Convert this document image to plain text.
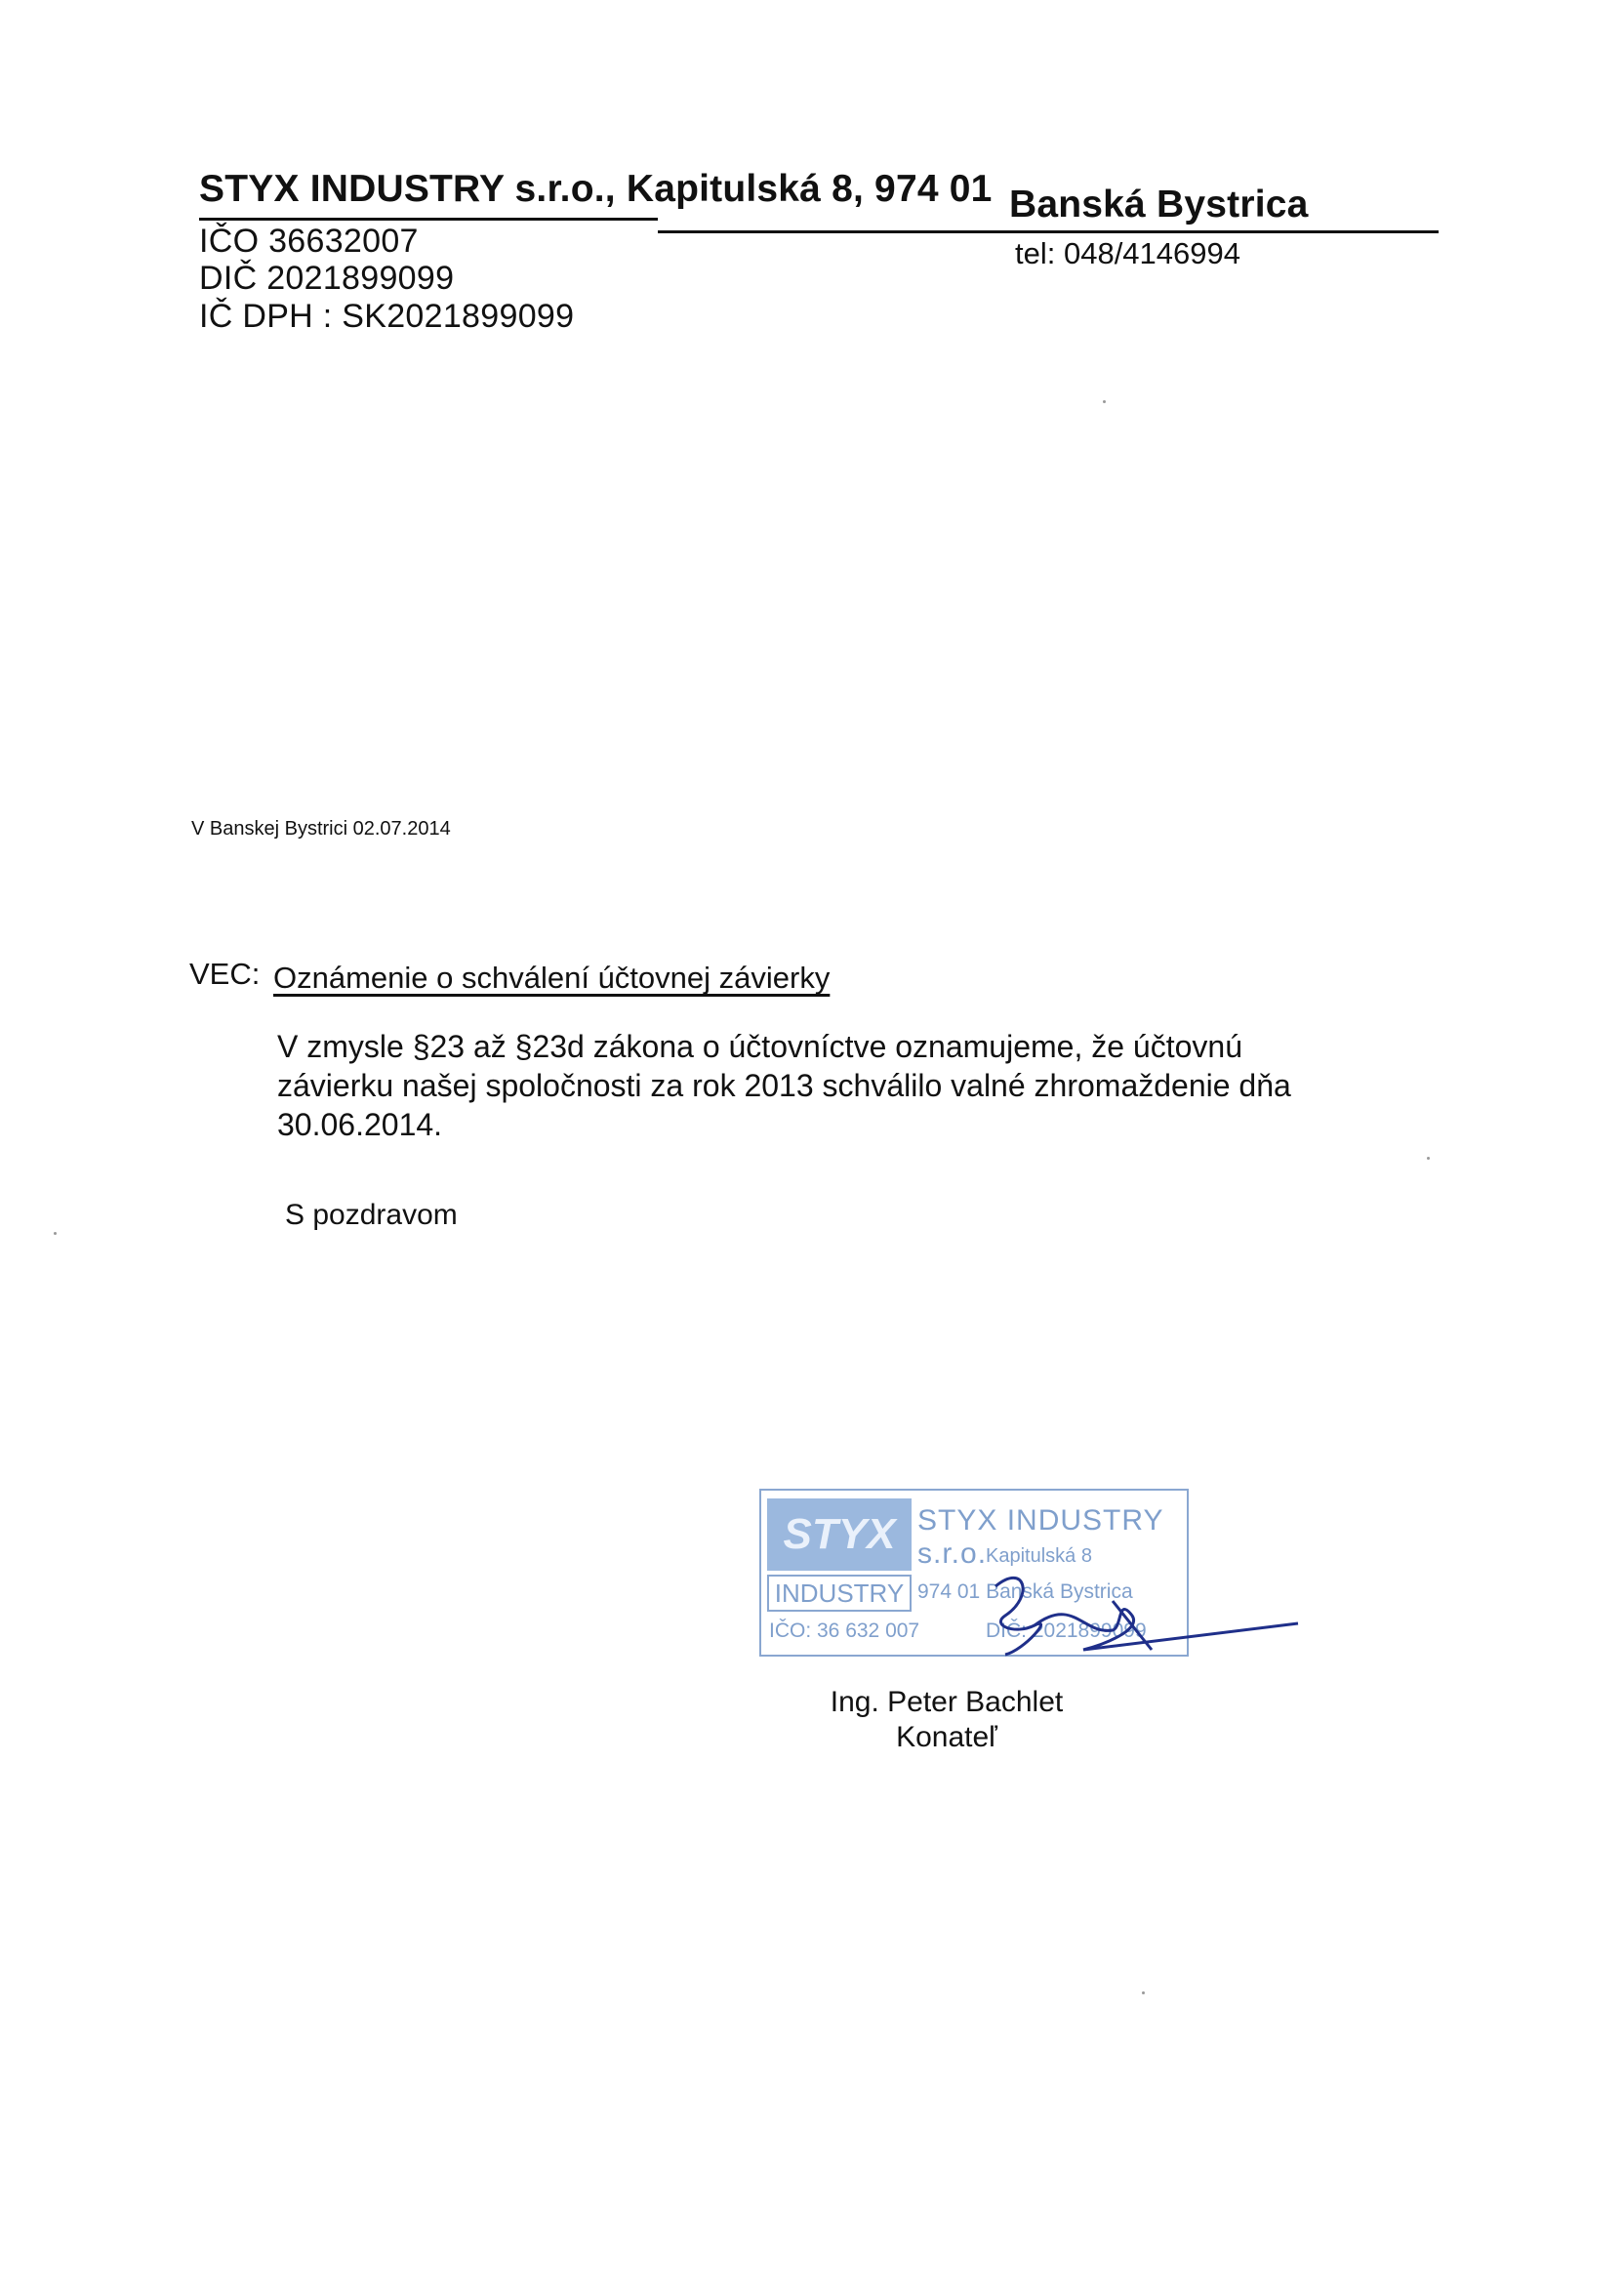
STYX INDUSTRY s.r.o., Kapitulská 8, 974 01 Banská Bystrica
IČO 36632007
DIČ 2021899099
IČ DPH : SK2021899099
tel: 048/4146994
V Banskej Bystrici 02.07.2014
VEC: Oznámenie o schválení účtovnej závierky
V zmysle §23 až §23d zákona o účtovníctve oznamujeme, že účtovnú závierku našej spoločnosti za rok 2013 schválilo valné zhromaždenie dňa 30.06.2014.
S pozdravom
STYX
INDUSTRY
STYX INDUSTRY s.r.o.
Kapitulská 8
974 01 Banská Bystrica
IČO: 36 632 007	DIČ: 2021899099
Ing. Peter Bachlet
Konateľ
